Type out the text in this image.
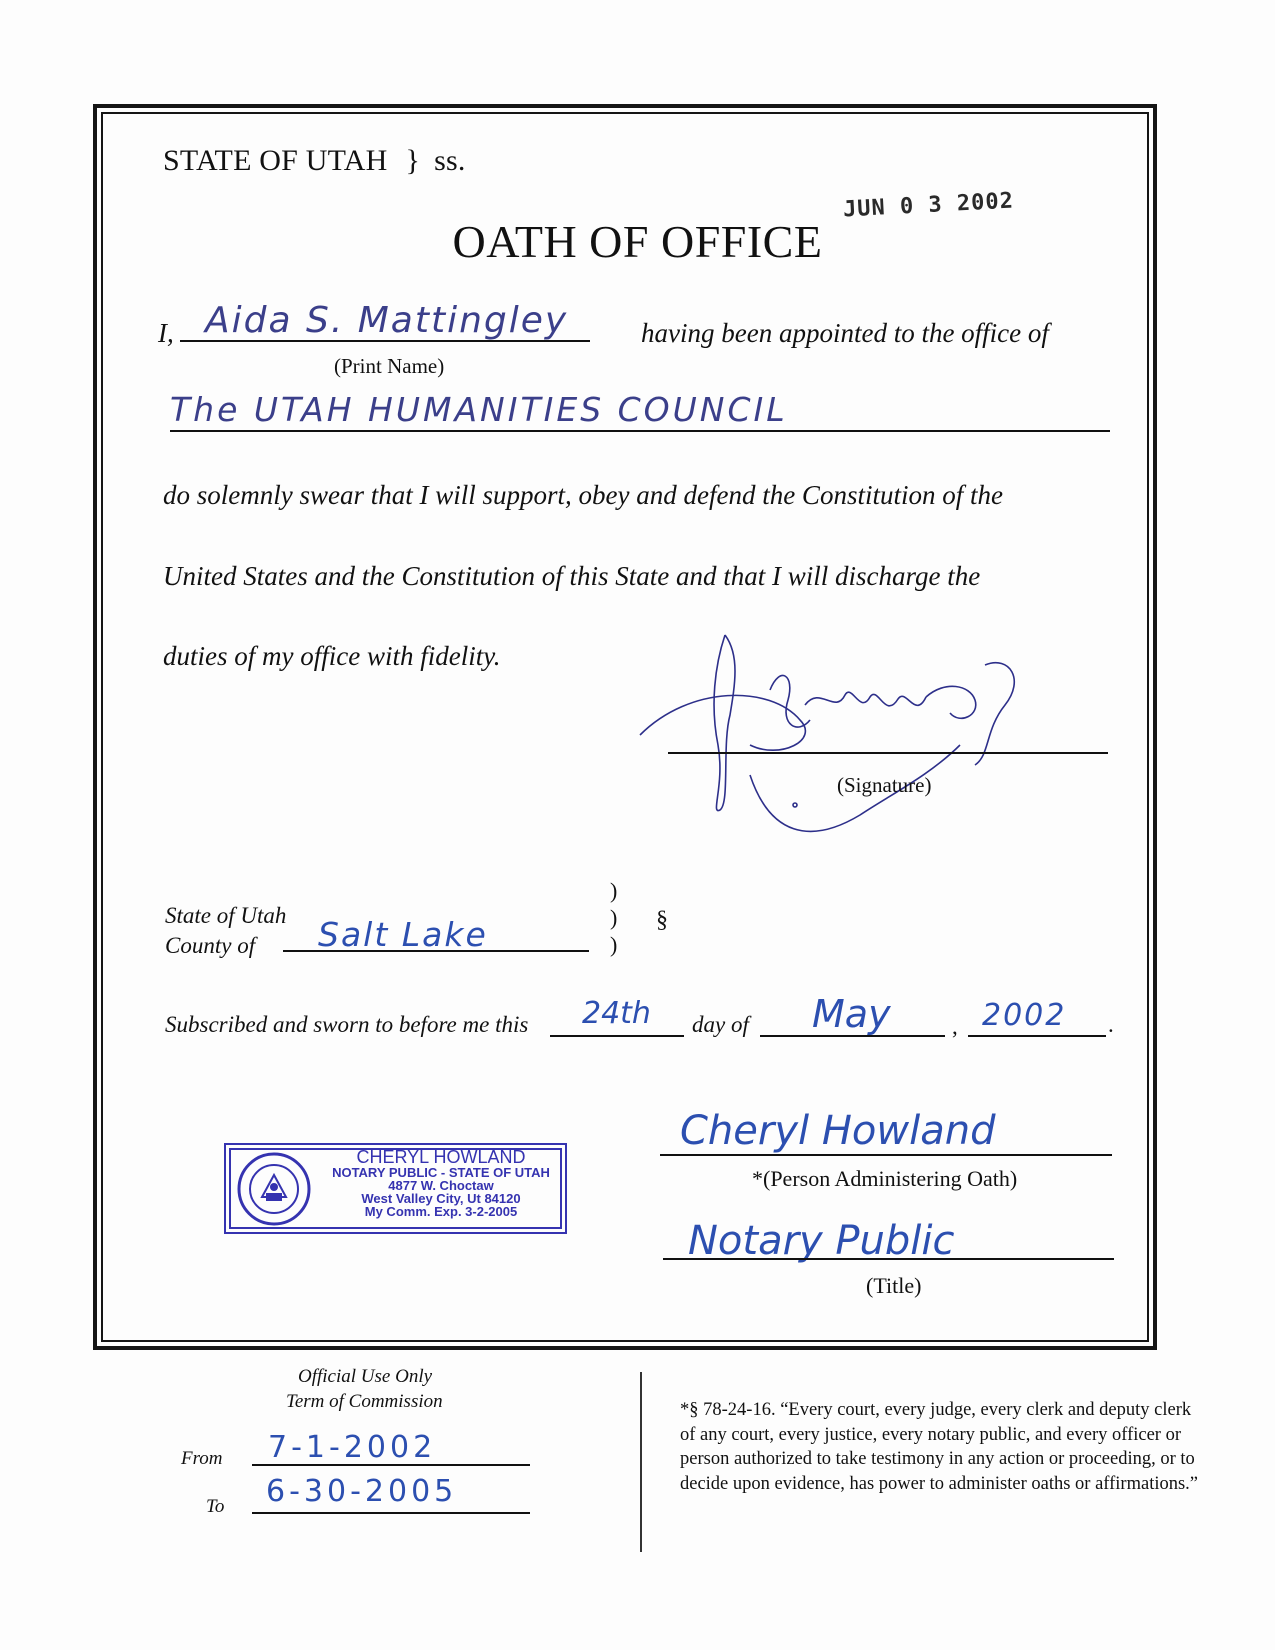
STATE OF UTAH } ss.
JUN 0 3 2002
OATH OF OFFICE
I, Aida S. Mattingley
(Print Name)
having been appointed to the office of
The UTAH HUMANITIES COUNCIL
do solemnly swear that I will support, obey and defend the Constitution of the
United States and the Constitution of this State and that I will discharge the
duties of my office with fidelity.
(Signature)
State of Utah
County of Salt Lake
)
)
)
§
Subscribed and sworn to before me this 24th day of May	, 2002 .
Cheryl Howland
*(Person Administering Oath)
Notary Public
(Title)
CHERYL HOWLAND
NOTARY PUBLIC - STATE OF UTAH
4877 W. Choctaw
West Valley City, Ut 84120
My Comm. Exp. 3-2-2005
Official Use Only
Term of Commission
From 7-1-2002
To 6-30-2005
*§ 78-24-16. “Every court, every judge, every clerk and deputy clerk of any court, every justice, every notary public, and every officer or person authorized to take testimony in any action or proceeding, or to decide upon evidence, has power to administer oaths or affirmations.”
